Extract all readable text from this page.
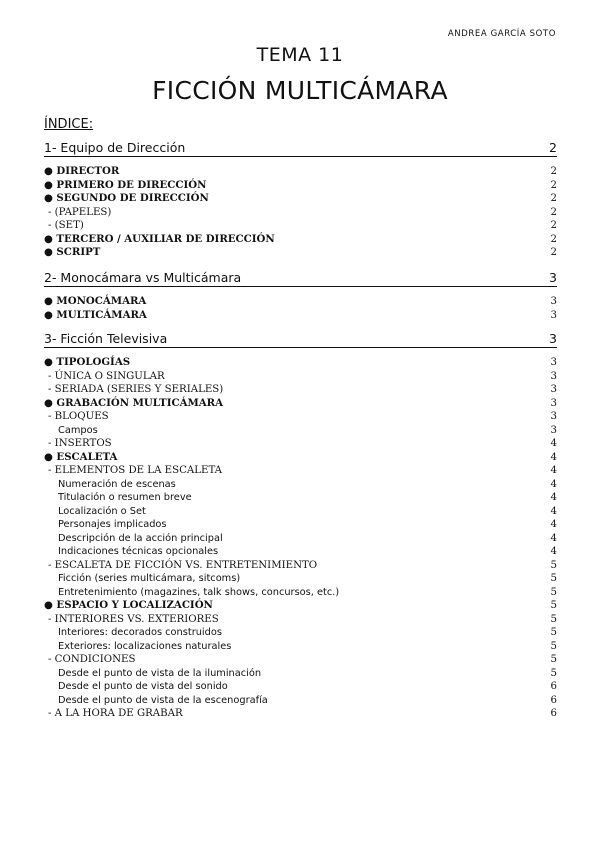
ANDREA GARCÍA SOTO
TEMA 11
FICCIÓN MULTICÁMARA
ÍNDICE:
1- Equipo de Dirección	2
● DIRECTOR	2
● PRIMERO DE DIRECCIÓN	2
● SEGUNDO DE DIRECCIÓN	2
- (PAPELES)	2
- (SET)	2
● TERCERO / AUXILIAR DE DIRECCIÓN	2
● SCRIPT	2
2- Monocámara vs Multicámara	3
● MONOCÁMARA	3
● MULTICÁMARA	3
3- Ficción Televisiva	3
● TIPOLOGÍAS	3
- ÚNICA O SINGULAR	3
- SERIADA (SERIES Y SERIALES)	3
● GRABACIÓN MULTICÁMARA	3
- BLOQUES	3
Campos	3
- INSERTOS	4
● ESCALETA	4
- ELEMENTOS DE LA ESCALETA	4
Numeración de escenas	4
Titulación o resumen breve	4
Localización o Set	4
Personajes implicados	4
Descripción de la acción principal	4
Indicaciones técnicas opcionales	4
- ESCALETA DE FICCIÓN VS. ENTRETENIMIENTO	5
Ficción (series multicámara, sitcoms)	5
Entretenimiento (magazines, talk shows, concursos, etc.)	5
● ESPACIO Y LOCALIZACIÓN	5
- INTERIORES VS. EXTERIORES	5
Interiores: decorados construidos	5
Exteriores: localizaciones naturales	5
- CONDICIONES	5
Desde el punto de vista de la iluminación	5
Desde el punto de vista del sonido	6
Desde el punto de vista de la escenografía	6
- A LA HORA DE GRABAR	6
